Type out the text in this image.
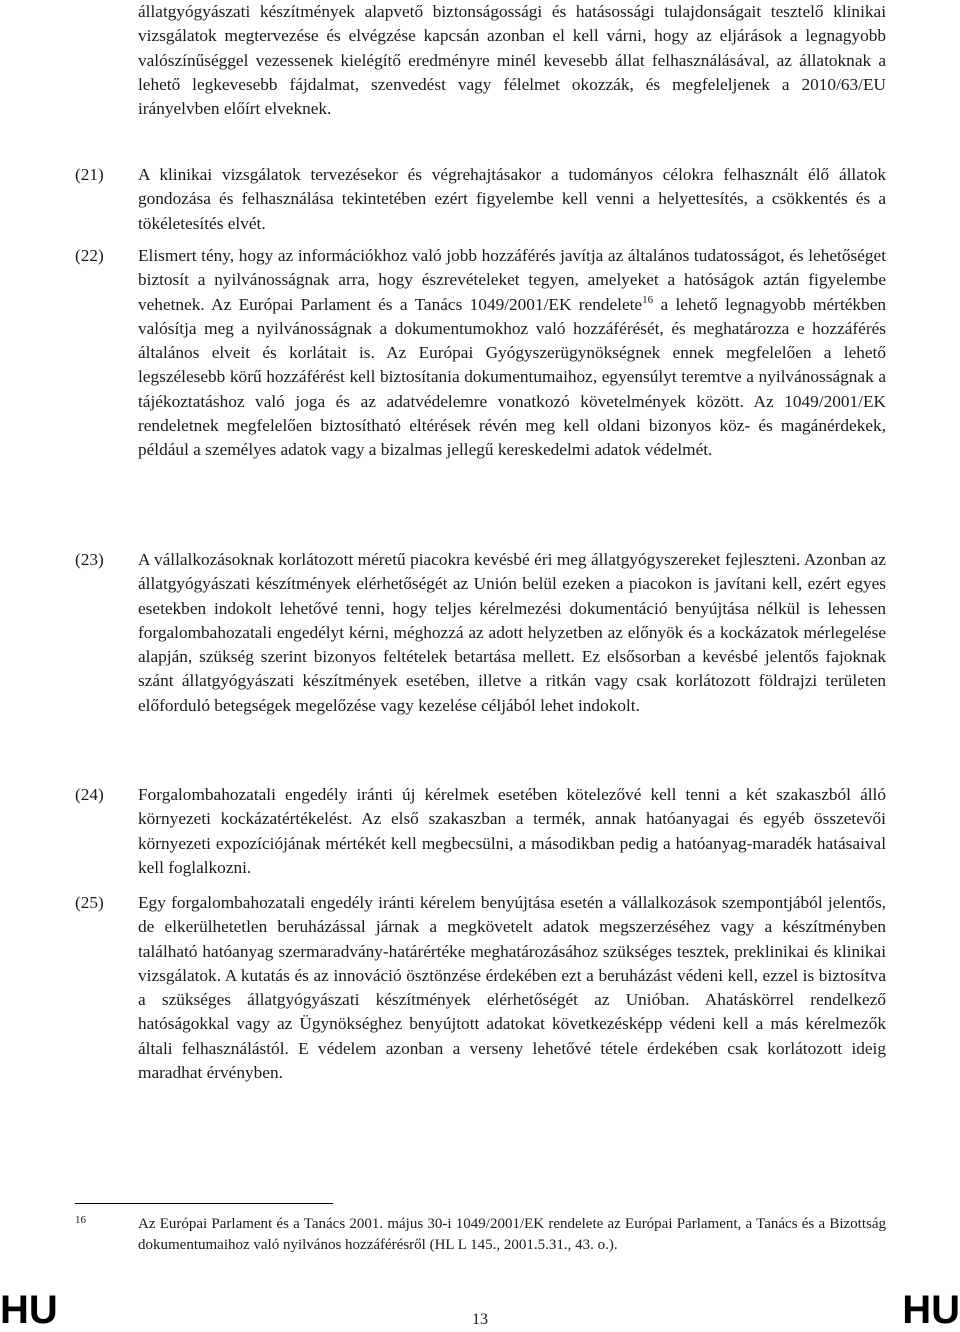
állatgyógyászati készítmények alapvető biztonságossági és hatásossági tulajdonságait tesztelő klinikai vizsgálatok megtervezése és elvégzése kapcsán azonban el kell várni, hogy az eljárások a legnagyobb valószínűséggel vezessenek kielégítő eredményre minél kevesebb állat felhasználásával, az állatoknak a lehető legkevesebb fájdalmat, szenvedést vagy félelmet okozzák, és megfeleljenek a 2010/63/EU irányelvben előírt elveknek.

(21) A klinikai vizsgálatok tervezésekor és végrehajtásakor a tudományos célokra felhasznált élő állatok gondozása és felhasználása tekintetében ezért figyelembe kell venni a helyettesítés, a csökkentés és a tökéletesítés elvét.

(22) Elismert tény, hogy az információkhoz való jobb hozzáférés javítja az általános tudatosságot, és lehetőséget biztosít a nyilvánosságnak arra, hogy észrevételeket tegyen, amelyeket a hatóságok aztán figyelembe vehetnek. Az Európai Parlament és a Tanács 1049/2001/EK rendelete$^{16}$ a lehető legnagyobb mértékben valósítja meg a nyilvánosságnak a dokumentumokhoz való hozzáférését, és meghatározza e hozzáférés általános elveit és korlátait is. Az Európai Gyógyszerügynökségnek ennek megfelelően a lehető legszélesebb körű hozzáférést kell biztosítania dokumentumaihoz, egyensúlyt teremtve a nyilvánosságnak a tájékoztatáshoz való joga és az adatvédelemre vonatkozó követelmények között. Az 1049/2001/EK rendeletnek megfelelően biztosítható eltérések révén meg kell oldani bizonyos köz- és magánérdekek, például a személyes adatok vagy a bizalmas jellegű kereskedelmi adatok védelmét.

(23) A vállalkozásoknak korlátozott méretű piacokra kevésbé éri meg állatgyógyszereket fejleszteni. Azonban az állatgyógyászati készítmények elérhetőségét az Unión belül ezeken a piacokon is javítani kell, ezért egyes esetekben indokolt lehetővé tenni, hogy teljes kérelmezési dokumentáció benyújtása nélkül is lehessen forgalombahozatali engedélyt kérni, méghozzá az adott helyzetben az előnyök és a kockázatok mérlegelése alapján, szükség szerint bizonyos feltételek betartása mellett. Ez elsősorban a kevésbé jelentős fajoknak szánt állatgyógyászati készítmények esetében, illetve a ritkán vagy csak korlátozott földrajzi területen előforduló betegségek megelőzése vagy kezelése céljából lehet indokolt.

(24) Forgalombahozatali engedély iránti új kérelmek esetében kötelezővé kell tenni a két szakaszból álló környezeti kockázatértékelést. Az első szakaszban a termék, annak hatóanyagai és egyéb összetevői környezeti expozíciójának mértékét kell megbecsülni, a másodikban pedig a hatóanyag-maradék hatásaival kell foglalkozni.

(25) Egy forgalombahozatali engedély iránti kérelem benyújtása esetén a vállalkozások szempontjából jelentős, de elkerülhetetlen beruházással járnak a megkövetelt adatok megszerzéséhez vagy a készítményben található hatóanyag szermaradvány-határértéke meghatározásához szükséges tesztek, preklinikai és klinikai vizsgálatok. A kutatás és az innováció ösztönzése érdekében ezt a beruházást védeni kell, ezzel is biztosítva a szükséges állatgyógyászati készítmények elérhetőségét az Unióban. Ahatáskörrel rendelkező hatóságokkal vagy az Ügynökséghez benyújtott adatokat következésképp védeni kell a más kérelmezők általi felhasználástól. E védelem azonban a verseny lehetővé tétele érdekében csak korlátozott ideig maradhat érvényben.

16	Az Európai Parlament és a Tanács 2001. május 30-i 1049/2001/EK rendelete az Európai Parlament, a Tanács és a Bizottság dokumentumaihoz való nyilvános hozzáférésről (HL L 145., 2001.5.31., 43. o.).

HU	13	HU
